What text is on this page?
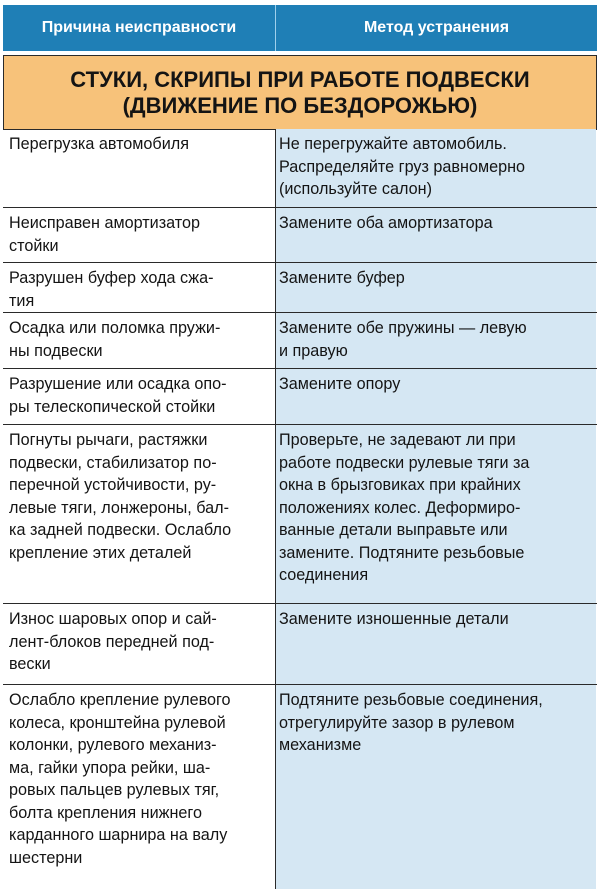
Причина неисправности	Метод устранения
СТУКИ, СКРИПЫ ПРИ РАБОТЕ ПОДВЕСКИ
(ДВИЖЕНИЕ ПО БЕЗДОРОЖЬЮ)
Перегрузка автомобиля	Не перегружайте автомобиль.
Распределяйте груз равномерно
(используйте салон)
Неисправен амортизатор
стойки
Замените оба амортизатора
Разрушен буфер хода сжа-
тия
Замените буфер
Осадка или поломка пружи-
ны подвески
Замените обе пружины — левую
и правую
Разрушение или осадка опо-
ры телескопической стойки
Замените опору
Погнуты рычаги, растяжки
подвески, стабилизатор по-
перечной устойчивости, ру-
левые тяги, лонжероны, бал-
ка задней подвески. Ослабло
крепление этих деталей
Проверьте, не задевают ли при
работе подвески рулевые тяги за
окна в брызговиках при крайних
положениях колес. Деформиро-
ванные детали выправьте или
замените. Подтяните резьбовые
соединения
Износ шаровых опор и сай-
лент-блоков передней под-
вески
Замените изношенные детали
Ослабло крепление рулевого
колеса, кронштейна рулевой
колонки, рулевого механиз-
ма, гайки упора рейки, ша-
ровых пальцев рулевых тяг,
болта крепления нижнего
карданного шарнира на валу
шестерни
Подтяните резьбовые соединения,
отрегулируйте зазор в рулевом
механизме
